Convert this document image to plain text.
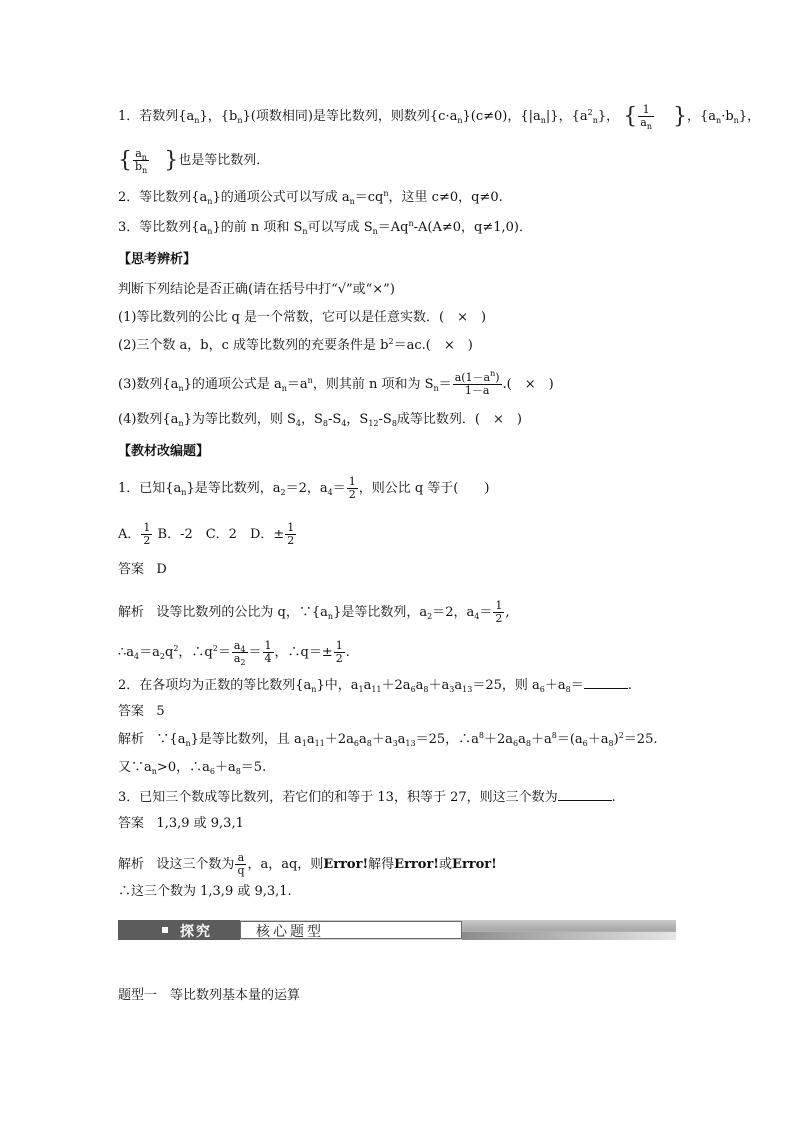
1．若数列$\{a_n\}$，$\{b_n\}$(项数相同)是等比数列，则数列$\{c\cdot a_n\}(c\ne 0)$，$\{|a_n|\}$，$\{a^2_n\}$， { $\frac{1}{a_n}$ }，$\{a_n\cdot b_n\}$，
{ $\frac{a_n}{b_n}$ }也是等比数列．
2．等比数列$\{a_n\}$的通项公式可以写成 $a_n=cq^n$，这里 c≠0，q≠0.
3．等比数列$\{a_n\}$的前 n 项和 $S_n$可以写成 $S_n=Aq^n-A(A\ne 0$，q≠1,0)．
【思考辨析】
判断下列结论是否正确(请在括号中打“√”或“×”)
(1)等比数列的公比 q 是一个常数，它可以是任意实数．(　×　)
(2)三个数 a，b，c 成等比数列的充要条件是 $b^2=ac$.(　×　)
(3)数列$\{a_n\}$的通项公式是 $a_n=a^n$，则其前 n 项和为 $S_n= \frac{a(1-a^n)}{1-a}$ .(　×　)
(4)数列$\{a_n\}$为等比数列，则 $S_4$，$S_8-S_4$，$S_{12}-S_8$成等比数列．(　×　)
【教材改编题】
1．已知$\{a_n\}$是等比数列，$a_2=2$，$a_4= \frac{1}{2}$ ，则公比 q 等于(　　)
A． $\frac{1}{2}$ B．-2　C．2　D．± $\frac{1}{2}$
答案 D
解析 设等比数列的公比为 q，$\because\{a_n\}$是等比数列，$a_2=2$，$a_4= \frac{1}{2}$ ,
$\therefore a_4=a_2q^2$，$\therefore q^2= \frac{a_4}{a_2} = \frac{1}{4}$ ，∴q＝± $\frac{1}{2}$ .
2．在各项均为正数的等比数列$\{a_n\}$中，$a_1a_{11}+2a_6a_8+a_3a_{13}=25$，则 $a_6+a_8=$	.
答案 5
解析 $\because\{a_n\}$是等比数列，且 $a_1a_{11}+2a_6a_8+a_3a_{13}=25$，$\therefore a^8+2a_6a_8+a^8=(a_6+a_8)^2=25$.
又$\because a_n>0$，$\therefore a_6+a_8=5$.
3．已知三个数成等比数列，若它们的和等于 13，积等于 27，则这三个数为	.
答案 1,3,9 或 9,3,1
解析 设这三个数为 $\frac{a}{q}$ ，a，aq，则Error!解得Error!或Error!
∴这三个数为 1,3,9 或 9,3,1.
探究	核心题型
题型一　等比数列基本量的运算
